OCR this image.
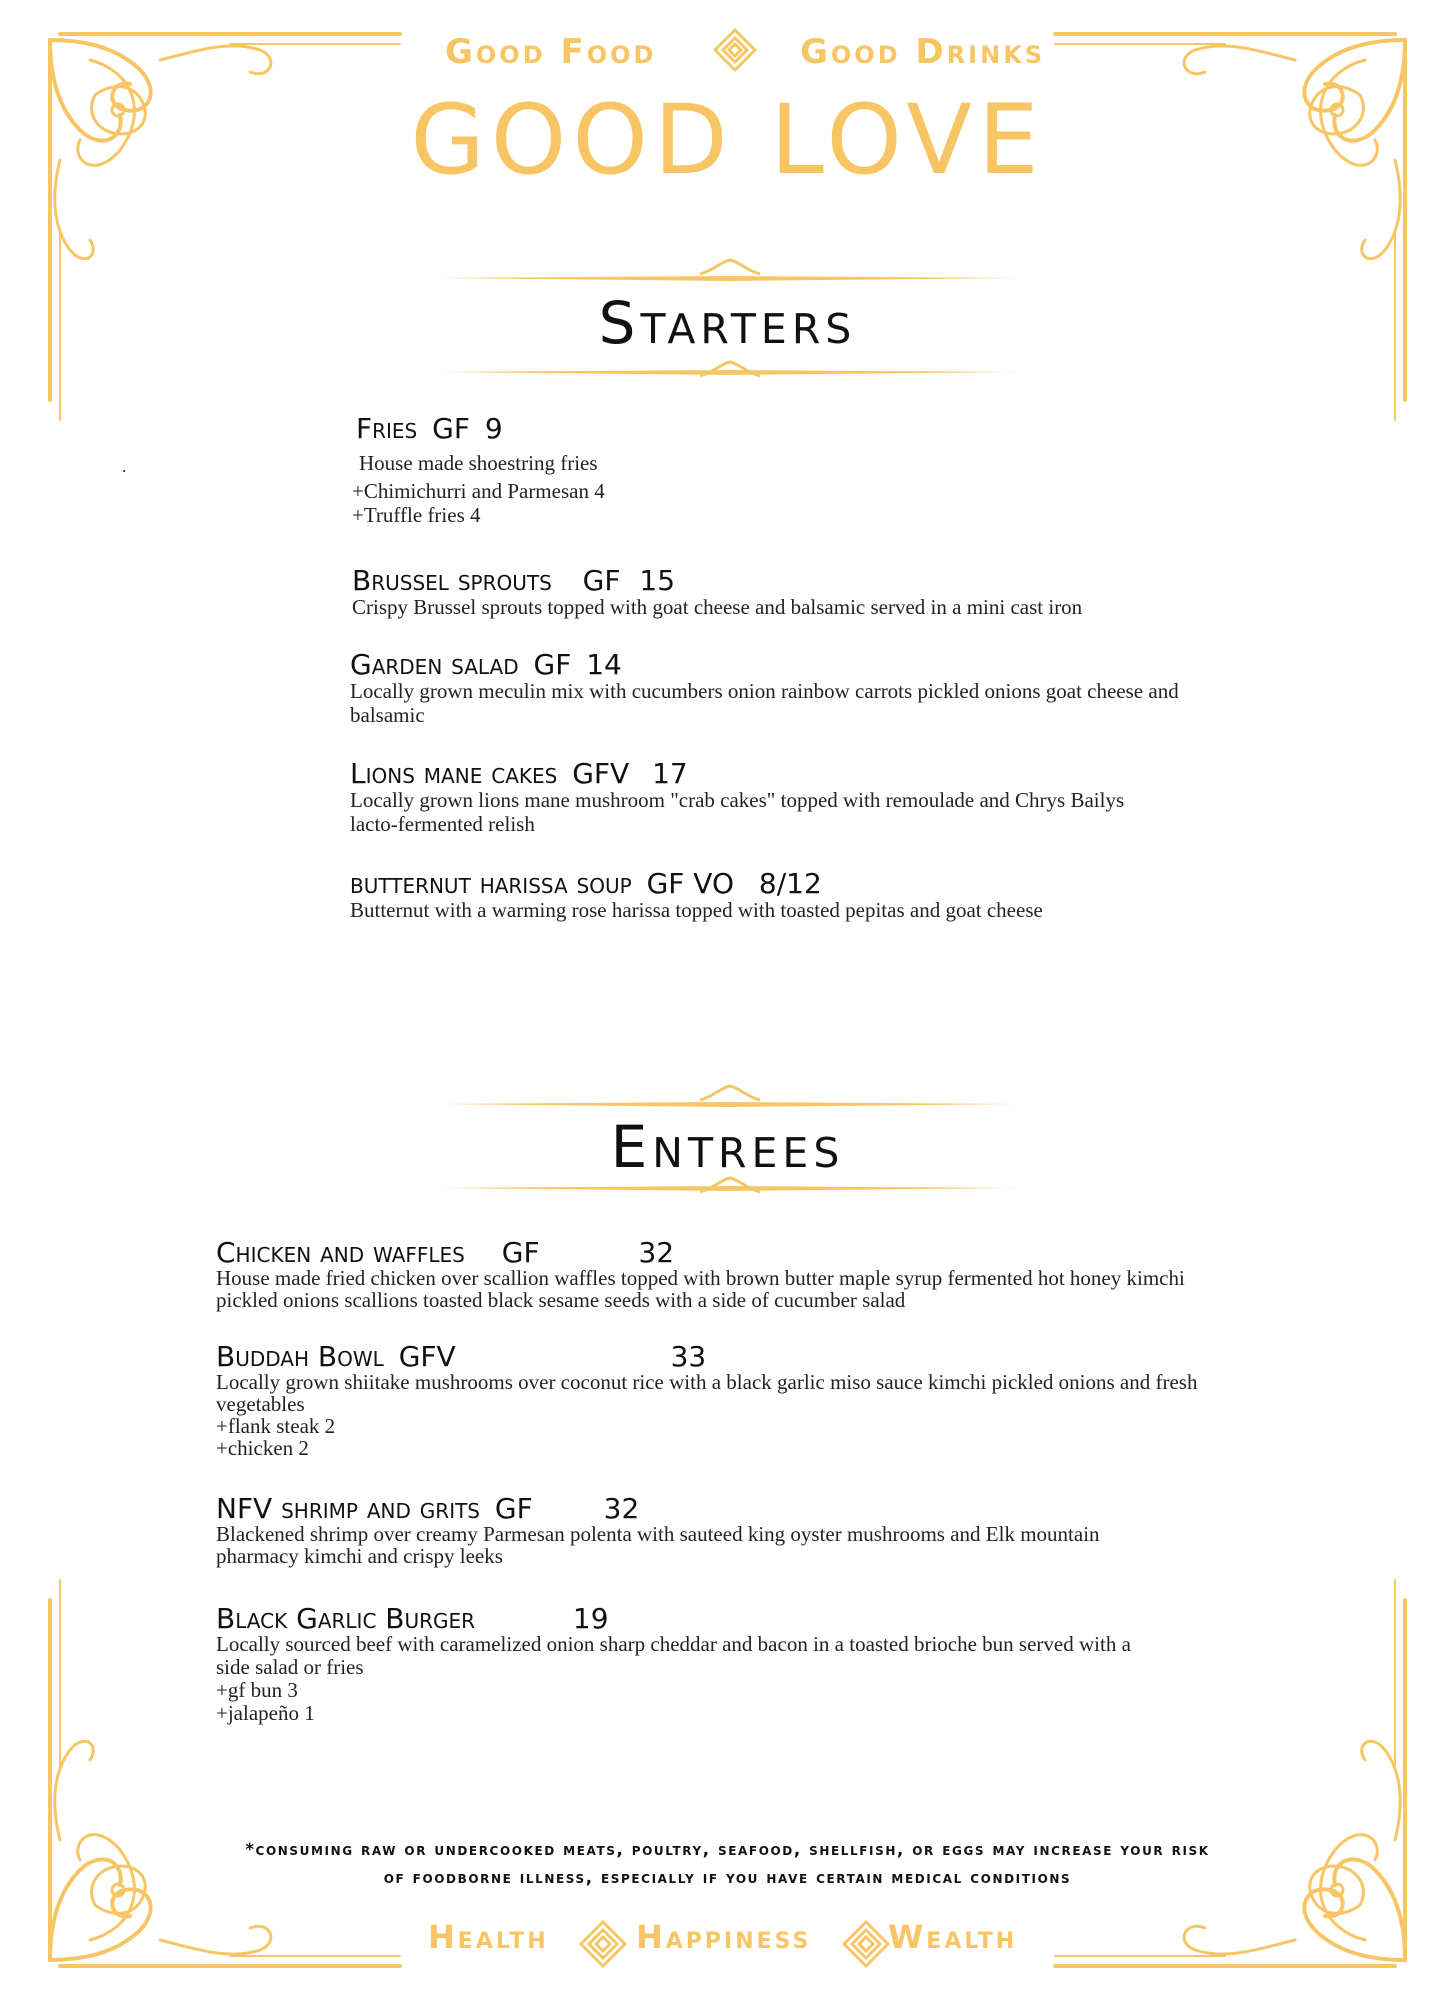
Good Food	Good Drinks
GOOD LOVE
.
Starters
Fries GF 9
House made shoestring fries
+Chimichurri and Parmesan 4
+Truffle fries 4
Brussel sprouts GF 15
Crispy Brussel sprouts topped with goat cheese and balsamic served in a mini cast iron
Garden salad GF 14
Locally grown meculin mix with cucumbers onion rainbow carrots pickled onions goat cheese and
balsamic
Lions mane cakes GFV 17
Locally grown lions mane mushroom "crab cakes" topped with remoulade and Chrys Bailys
lacto-fermented relish
butternut harissa soup GF VO 8/12
Butternut with a warming rose harissa topped with toasted pepitas and goat cheese
Entrees
Chicken and waffles GF	32
House made fried chicken over scallion waffles topped with brown butter maple syrup fermented hot honey kimchi
pickled onions scallions toasted black sesame seeds with a side of cucumber salad
Buddah Bowl GFV	33
Locally grown shiitake mushrooms over coconut rice with a black garlic miso sauce kimchi pickled onions and fresh
vegetables
+flank steak 2
+chicken 2
NFV shrimp and grits GF	32
Blackened shrimp over creamy Parmesan polenta with sauteed king oyster mushrooms and Elk mountain
pharmacy kimchi and crispy leeks
Black Garlic Burger	19
Locally sourced beef with caramelized onion sharp cheddar and bacon in a toasted brioche bun served with a
side salad or fries
+gf bun 3
+jalapeño 1
*consuming raw or undercooked meats, poultry, seafood, shellfish, or eggs may increase your risk
of foodborne illness, especially if you have certain medical conditions
Health	Happiness Wealth
